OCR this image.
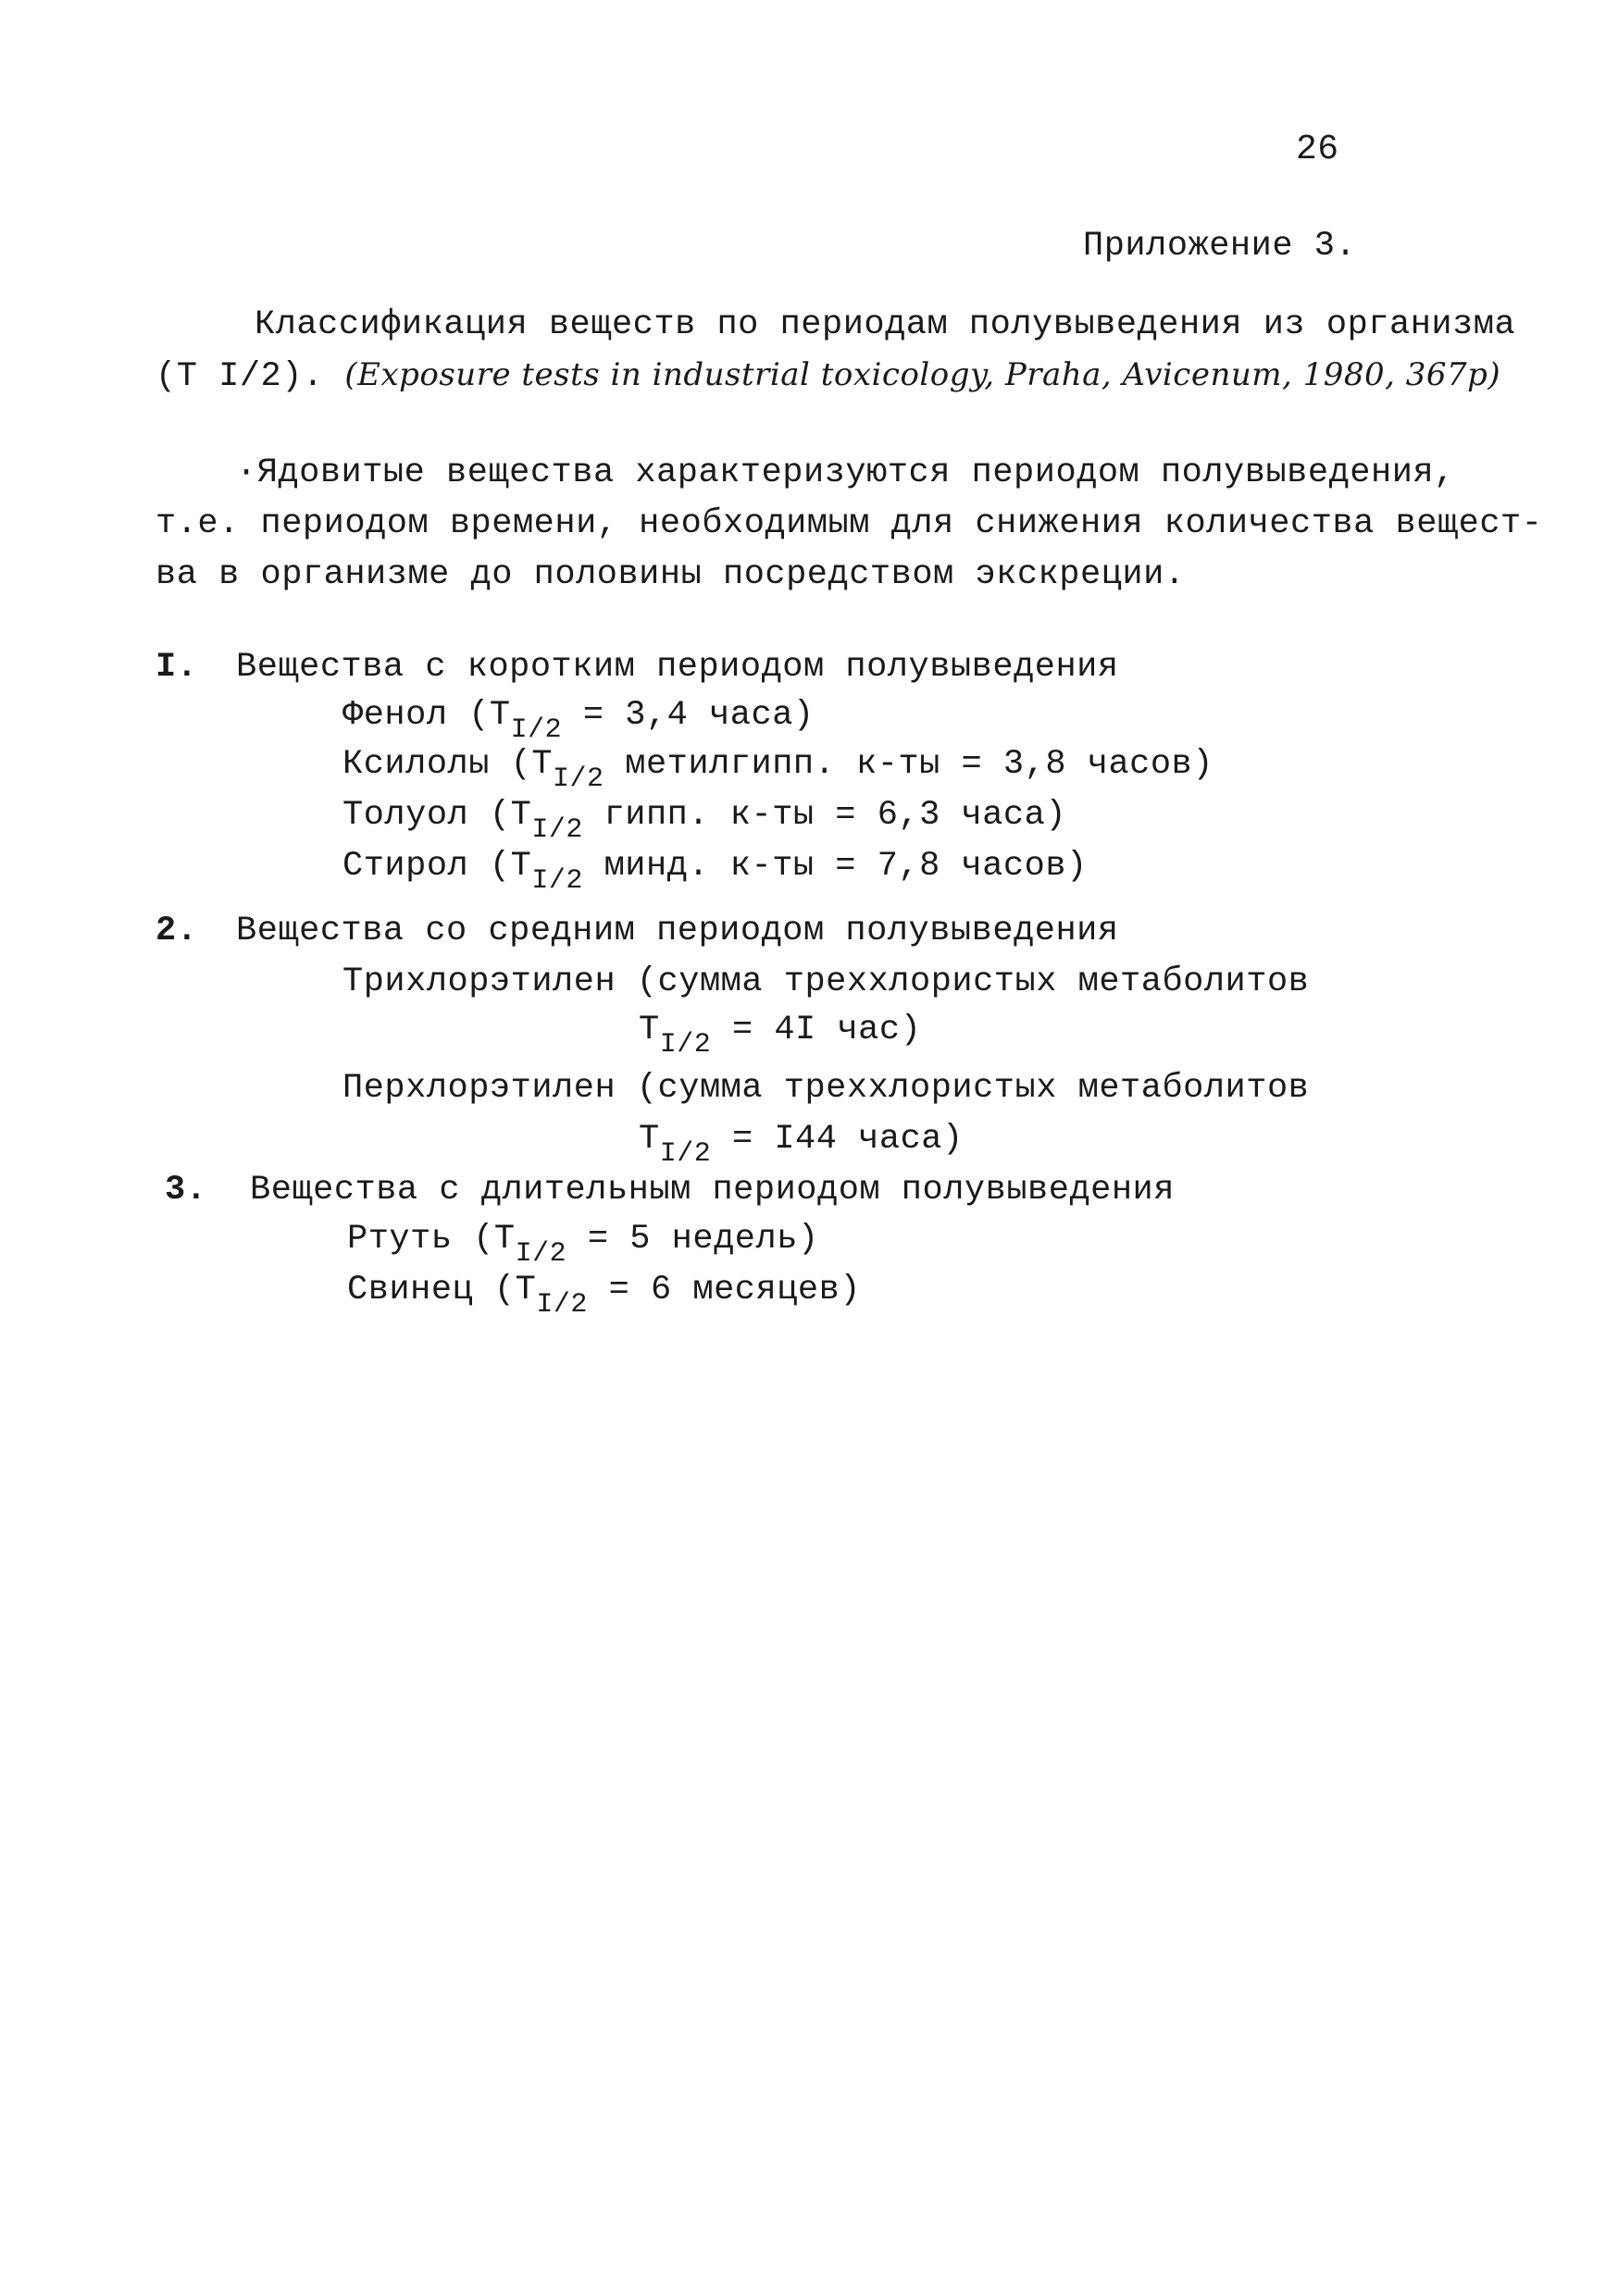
26
Приложение 3.
Классификация веществ по периодам полувыведения из организма
(T I/2). (Exposure tests in industrial toxicology, Praha, Avicenum, 1980, 367p)
·Ядовитые вещества характеризуются периодом полувыведения,
т.е. периодом времени, необходимым для снижения количества вещест-
ва в организме до половины посредством экскреции.
I. Вещества с коротким периодом полувыведения
Фенол ($T_{I/2} = 3,4$ часа)
Ксилолы ($T_{I/2}$ метилгипп. к-ты = 3,8 часов)
Толуол ($T_{I/2}$ гипп. к-ты = 6,3 часа)
Стирол ($T_{I/2}$ минд. к-ты = 7,8 часов)
2. Вещества со средним периодом полувыведения
Трихлорэтилен (сумма треххлористых метаболитов
$T_{I/2} = 4I$ час)
Перхлорэтилен (сумма треххлористых метаболитов
$T_{I/2} = I44$ часа)
3. Вещества с длительным периодом полувыведения
Ртуть ($T_{I/2} = 5$ недель)
Свинец ($T_{I/2} = 6$ месяцев)
